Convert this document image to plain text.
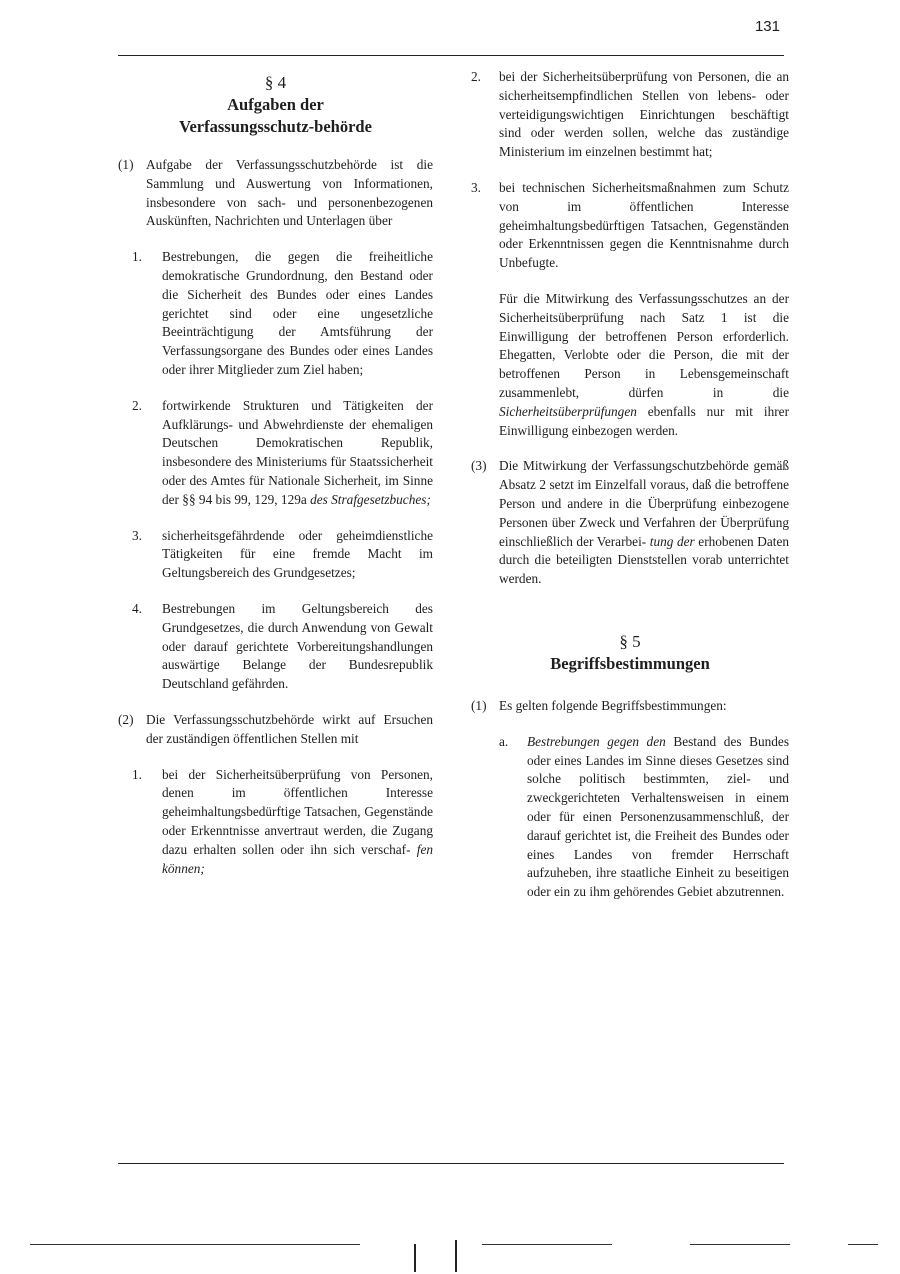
131
§ 4
Aufgaben der Verfassungsschutz-behörde
(1) Aufgabe der Verfassungsschutzbehörde ist die Sammlung und Auswertung von Informationen, insbesondere von sach- und personenbezogenen Auskünften, Nachrichten und Unterlagen über
1.	Bestrebungen, die gegen die freiheitliche demokratische Grundordnung, den Bestand oder die Sicherheit des Bundes oder eines Landes gerichtet sind oder eine ungesetzliche Beeinträchtigung der Amtsführung der Verfassungsorgane des Bundes oder eines Landes oder ihrer Mitglieder zum Ziel haben;
2.	fortwirkende Strukturen und Tätigkeiten der Aufklärungs- und Abwehrdienste der ehemaligen Deutschen Demokratischen Republik, insbesondere des Ministeriums für Staatssicherheit oder des Amtes für Nationale Sicherheit, im Sinne der §§ 94 bis 99, 129, 129a des Strafgesetzbuches;
3.	sicherheitsgefährdende oder geheimdienstliche Tätigkeiten für eine fremde Macht im Geltungsbereich des Grundgesetzes;
4.	Bestrebungen im Geltungsbereich des Grundgesetzes, die durch Anwendung von Gewalt oder darauf gerichtete Vorbereitungshandlungen auswärtige Belange der Bundesrepublik Deutschland gefährden.
(2) Die Verfassungsschutzbehörde wirkt auf Ersuchen der zuständigen öffentlichen Stellen mit
1.	bei der Sicherheitsüberprüfung von Personen, denen im öffentlichen Interesse geheimhaltungsbedürftige Tatsachen, Gegenstände oder Erkenntnisse anvertraut werden, die Zugang dazu erhalten sollen oder ihn sich verschaf- fen können;
2.	bei der Sicherheitsüberprüfung von Personen, die an sicherheitsempfindlichen Stellen von lebens- oder verteidigungswichtigen Einrichtungen beschäftigt sind oder werden sollen, welche das zuständige Ministerium im einzelnen bestimmt hat;
3.	bei technischen Sicherheitsmaßnahmen zum Schutz von im öffentlichen Interesse geheimhaltungsbedürftigen Tatsachen, Gegenständen oder Erkenntnissen gegen die Kenntnisnahme durch Unbefugte.
Für die Mitwirkung des Verfassungsschutzes an der Sicherheitsüberprüfung nach Satz 1 ist die Einwilligung der betroffenen Person erforderlich. Ehegatten, Verlobte oder die Person, die mit der betroffenen Person in Lebensgemeinschaft zusammenlebt, dürfen in die Sicherheitsüberprüfungen ebenfalls nur mit ihrer Einwilligung einbezogen werden.
(3) Die Mitwirkung der Verfassungschutzbehörde gemäß Absatz 2 setzt im Einzelfall voraus, daß die betroffene Person und andere in die Überprüfung einbezogene Personen über Zweck und Verfahren der Überprüfung einschließlich der Verarbei- tung der erhobenen Daten durch die beteiligten Dienststellen vorab unterrichtet werden.
§ 5
Begriffsbestimmungen
(1) Es gelten folgende Begriffsbestimmungen:
a.	Bestrebungen gegen den Bestand des Bundes oder eines Landes im Sinne dieses Gesetzes sind solche politisch bestimmten, ziel- und zweckgerichteten Verhaltensweisen in einem oder für einen Personenzusammenschluß, der darauf gerichtet ist, die Freiheit des Bundes oder eines Landes von fremder Herrschaft aufzuheben, ihre staatliche Einheit zu beseitigen oder ein zu ihm gehörendes Gebiet abzutrennen.
